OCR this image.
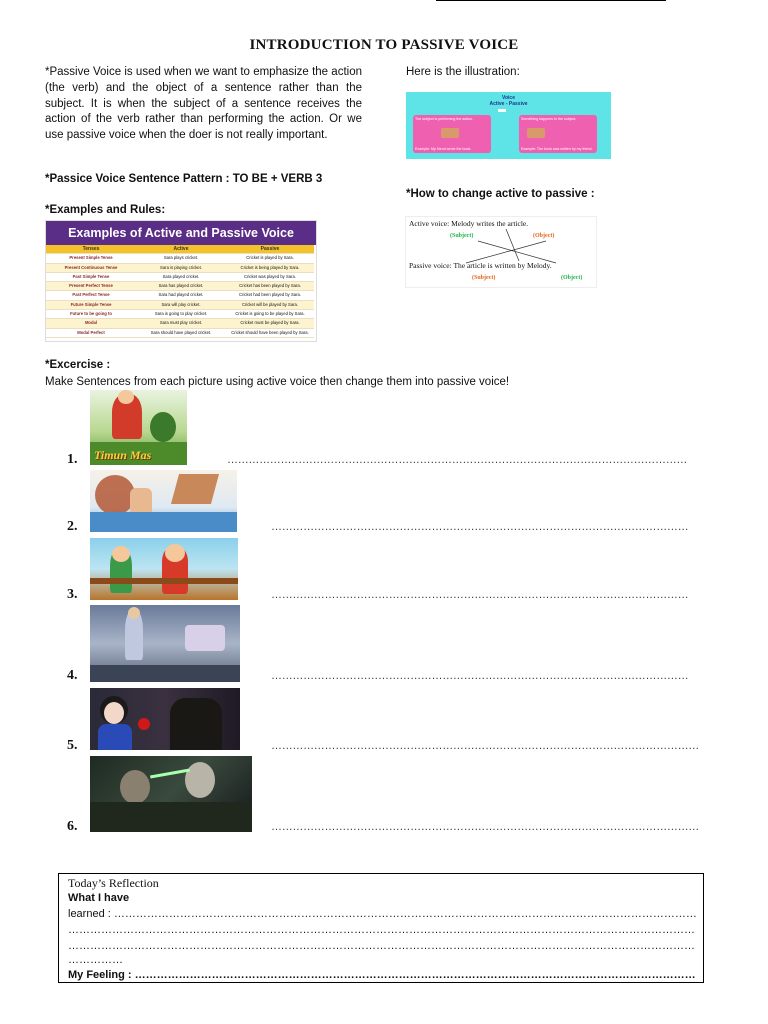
INTRODUCTION TO PASSIVE VOICE
*Passive Voice is used when we want to emphasize the action (the verb) and the object of a sentence rather than the subject. It is when the subject of a sentence receives the action of the verb rather than performing the action. Or we use passive voice when the doer is not really important.
*Passice Voice Sentence Pattern : TO BE + VERB 3
*Examples and Rules:
Here is the illustration:
*How to change active to passive :
Examples of Active and Passive Voice
Tenses	Active	Passive
Present Simple Tense	Sara plays cricket.	Cricket is played by Sara.
Present Continuous Tense	Sara is playing cricket.	Cricket is being played by Sara.
Past Simple Tense	Sara played cricket.	Cricket was played by Sara.
Present Perfect Tense	Sara has played cricket.	Cricket has been played by Sara.
Past Perfect Tense	Sara had played cricket.	Cricket had been played by Sara.
Future Simple Tense	Sara will play cricket.	Cricket will be played by Sara.
Future to be going to	Sara is going to play cricket.	Cricket is going to be played by Sara.
Modal	Sara must play cricket.	Cricket must be played by Sara.
Modal Perfect	Sara should have played cricket.	Cricket should have been played by Sara.
Voice
Active - Passive
The subject is performing the action.
Example: My friend wrote the book.
Something happens to the subject.
Example: The book was written by my friend.
Active voice: Melody writes the article.
(Subject)	(Object)
Passive voice: The article is written by Melody.
(Subject)	(Object)
*Excercise :
Make Sentences from each picture using active voice then change them into passive voice!
Timun Mas
1.	…………………………………………………………………………………………………………………
2.	………………………………………………………………………………………………………
3.	………………………………………………………………………………………………………
4.	………………………………………………………………………………………………………
5.	…………………………………………………………………………………………………………
6.	…………………………………………………………………………………………………………
Today’s Reflection
What I have
learned : ……………………………………………………………………………………………………………………………………………
………………………………………………………………………………………………………………………………………………………
………………………………………………………………………………………………………………………………………………………
……………
My Feeling : ………………………………………………………………………………………………………………………………………
